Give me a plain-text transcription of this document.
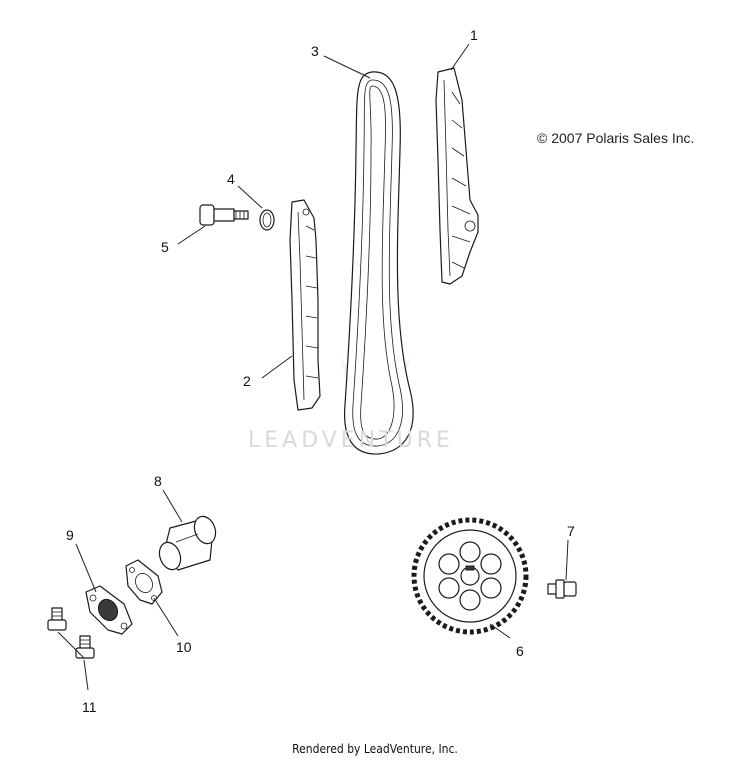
1
2
3
4
5
6
7
8
9
10
11
LEADVENTURE
© 2007 Polaris Sales Inc.
Rendered by LeadVenture, Inc.
